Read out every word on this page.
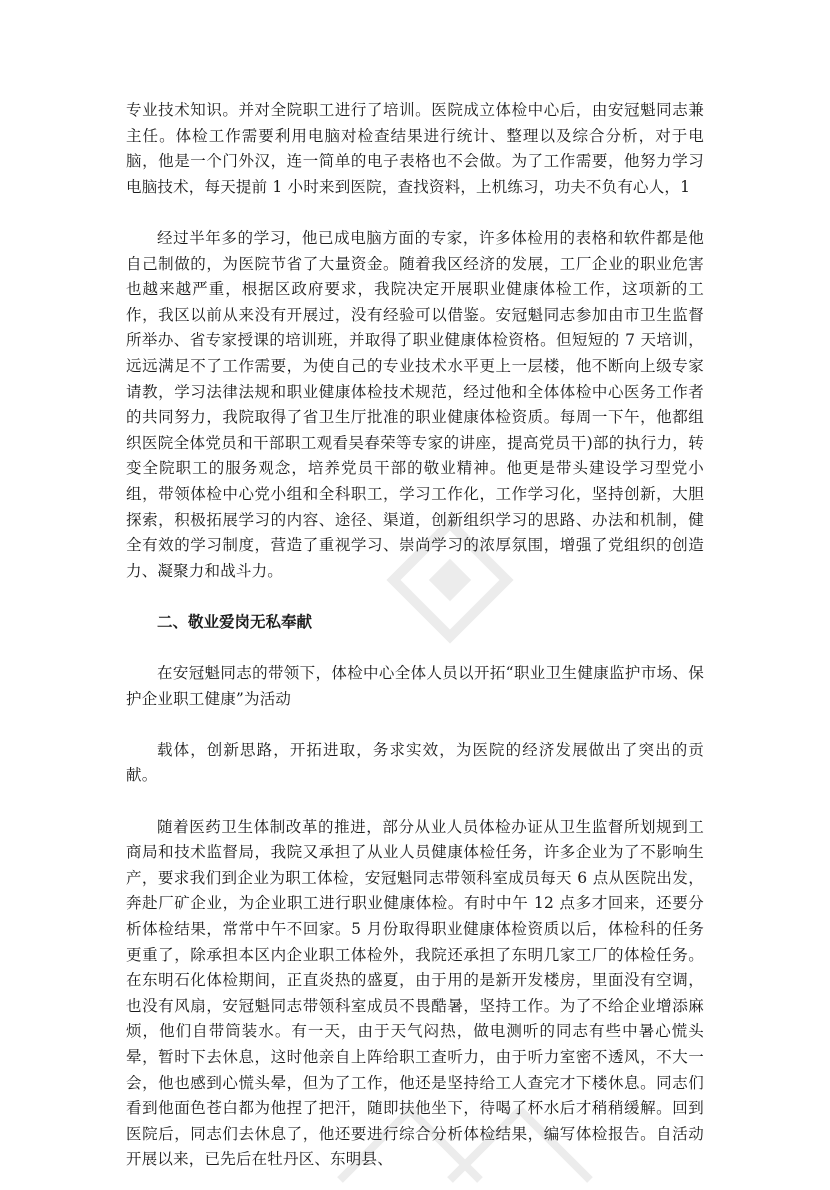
专业技术知识。并对全院职工进行了培训。医院成立体检中心后，由安冠魁同志兼主任。体检工作需要利用电脑对检查结果进行统计、整理以及综合分析，对于电脑，他是一个门外汉，连一简单的电子表格也不会做。为了工作需要，他努力学习电脑技术，每天提前 1 小时来到医院，查找资料，上机练习，功夫不负有心人，1

经过半年多的学习，他已成电脑方面的专家，许多体检用的表格和软件都是他自己制做的，为医院节省了大量资金。随着我区经济的发展，工厂企业的职业危害也越来越严重，根据区政府要求，我院决定开展职业健康体检工作，这项新的工作，我区以前从来没有开展过，没有经验可以借鉴。安冠魁同志参加由市卫生监督所举办、省专家授课的培训班，并取得了职业健康体检资格。但短短的 7 天培训，远远满足不了工作需要，为使自己的专业技术水平更上一层楼，他不断向上级专家请教，学习法律法规和职业健康体检技术规范，经过他和全体体检中心医务工作者的共同努力，我院取得了省卫生厅批准的职业健康体检资质。每周一下午，他都组织医院全体党员和干部职工观看吴春荣等专家的讲座，提高党员干)部的执行力，转变全院职工的服务观念，培养党员干部的敬业精神。他更是带头建设学习型党小组，带领体检中心党小组和全科职工，学习工作化，工作学习化，坚持创新，大胆探索，积极拓展学习的内容、途径、渠道，创新组织学习的思路、办法和机制，健全有效的学习制度，营造了重视学习、崇尚学习的浓厚氛围，增强了党组织的创造力、凝聚力和战斗力。

二、敬业爱岗无私奉献

在安冠魁同志的带领下，体检中心全体人员以开拓“职业卫生健康监护市场、保护企业职工健康”为活动

载体，创新思路，开拓进取，务求实效，为医院的经济发展做出了突出的贡献。

随着医药卫生体制改革的推进，部分从业人员体检办证从卫生监督所划规到工商局和技术监督局，我院又承担了从业人员健康体检任务，许多企业为了不影响生产，要求我们到企业为职工体检，安冠魁同志带领科室成员每天 6 点从医院出发，奔赴厂矿企业，为企业职工进行职业健康体检。有时中午 12 点多才回来，还要分析体检结果，常常中午不回家。5 月份取得职业健康体检资质以后，体检科的任务更重了，除承担本区内企业职工体检外，我院还承担了东明几家工厂的体检任务。在东明石化体检期间，正直炎热的盛夏，由于用的是新开发楼房，里面没有空调，也没有风扇，安冠魁同志带领科室成员不畏酷暑，坚持工作。为了不给企业增添麻烦，他们自带筒装水。有一天，由于天气闷热，做电测听的同志有些中暑心慌头晕，暂时下去休息，这时他亲自上阵给职工查听力，由于听力室密不透风，不大一会，他也感到心慌头晕，但为了工作，他还是坚持给工人查完才下楼休息。同志们看到他面色苍白都为他捏了把汗，随即扶他坐下，待喝了杯水后才稍稍缓解。回到医院后，同志们去休息了，他还要进行综合分析体检结果，编写体检报告。自活动开展以来，已先后在牡丹区、东明县、
